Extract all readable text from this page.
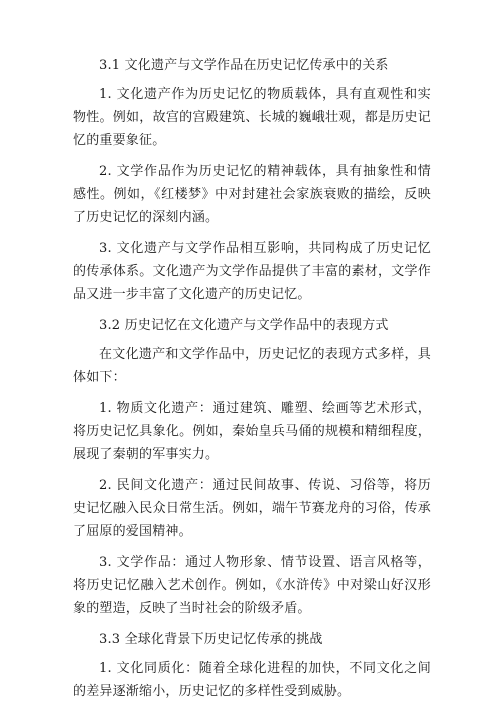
3.1 文化遗产与文学作品在历史记忆传承中的关系

1. 文化遗产作为历史记忆的物质载体，具有直观性和实物性。例如，故宫的宫殿建筑、长城的巍峨壮观，都是历史记忆的重要象征。

2. 文学作品作为历史记忆的精神载体，具有抽象性和情感性。例如，《红楼梦》中对封建社会家族衰败的描绘，反映了历史记忆的深刻内涵。

3. 文化遗产与文学作品相互影响，共同构成了历史记忆的传承体系。文化遗产为文学作品提供了丰富的素材，文学作品又进一步丰富了文化遗产的历史记忆。

3.2 历史记忆在文化遗产与文学作品中的表现方式

在文化遗产和文学作品中，历史记忆的表现方式多样，具体如下：

1. 物质文化遗产：通过建筑、雕塑、绘画等艺术形式，将历史记忆具象化。例如，秦始皇兵马俑的规模和精细程度，展现了秦朝的军事实力。

2. 民间文化遗产：通过民间故事、传说、习俗等，将历史记忆融入民众日常生活。例如，端午节赛龙舟的习俗，传承了屈原的爱国精神。

3. 文学作品：通过人物形象、情节设置、语言风格等，将历史记忆融入艺术创作。例如，《水浒传》中对梁山好汉形象的塑造，反映了当时社会的阶级矛盾。

3.3 全球化背景下历史记忆传承的挑战

1. 文化同质化：随着全球化进程的加快，不同文化之间的差异逐渐缩小，历史记忆的多样性受到威胁。
